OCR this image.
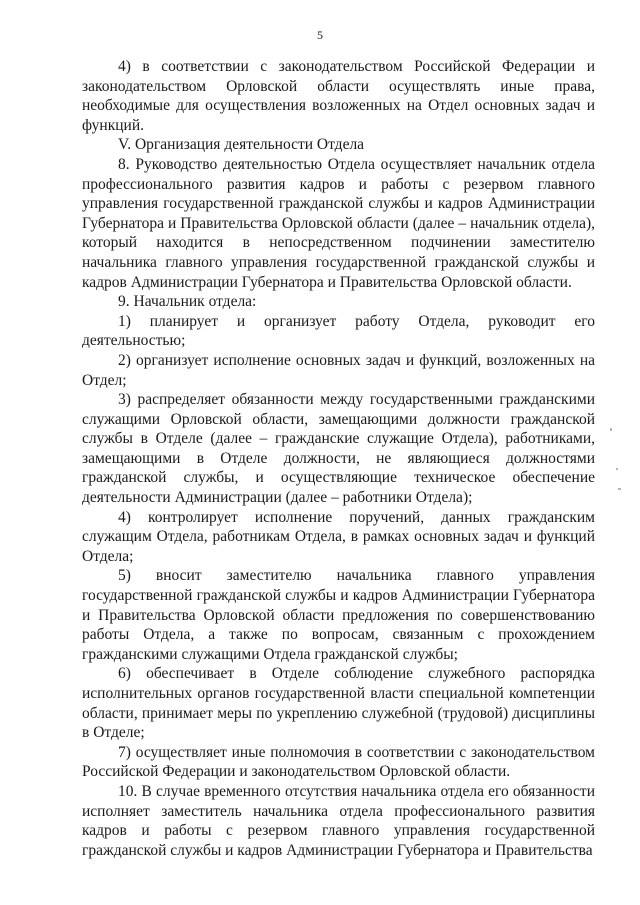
5

4) в соответствии с законодательством Российской Федерации и законодательством Орловской области осуществлять иные права, необходимые для осуществления возложенных на Отдел основных задач и функций.

V. Организация деятельности Отдела

8. Руководство деятельностью Отдела осуществляет начальник отдела профессионального развития кадров и работы с резервом главного управления государственной гражданской службы и кадров Администрации Губернатора и Правительства Орловской области (далее – начальник отдела), который находится в непосредственном подчинении заместителю начальника главного управления государственной гражданской службы и кадров Администрации Губернатора и Правительства Орловской области.

9. Начальник отдела:

1) планирует и организует работу Отдела, руководит его деятельностью;

2) организует исполнение основных задач и функций, возложенных на Отдел;

3) распределяет обязанности между государственными гражданскими служащими Орловской области, замещающими должности гражданской службы в Отделе (далее – гражданские служащие Отдела), работниками, замещающими в Отделе должности, не являющиеся должностями гражданской службы, и осуществляющие техническое обеспечение деятельности Администрации (далее – работники Отдела);

4) контролирует исполнение поручений, данных гражданским служащим Отдела, работникам Отдела, в рамках основных задач и функций Отдела;

5) вносит заместителю начальника главного управления государственной гражданской службы и кадров Администрации Губернатора и Правительства Орловской области предложения по совершенствованию работы Отдела, а также по вопросам, связанным с прохождением гражданскими служащими Отдела гражданской службы;

6) обеспечивает в Отделе соблюдение служебного распорядка исполнительных органов государственной власти специальной компетенции области, принимает меры по укреплению служебной (трудовой) дисциплины в Отделе;

7) осуществляет иные полномочия в соответствии с законодательством Российской Федерации и законодательством Орловской области.

10. В случае временного отсутствия начальника отдела его обязанности исполняет заместитель начальника отдела профессионального развития кадров и работы с резервом главного управления государственной гражданской службы и кадров Администрации Губернатора и Правительства
